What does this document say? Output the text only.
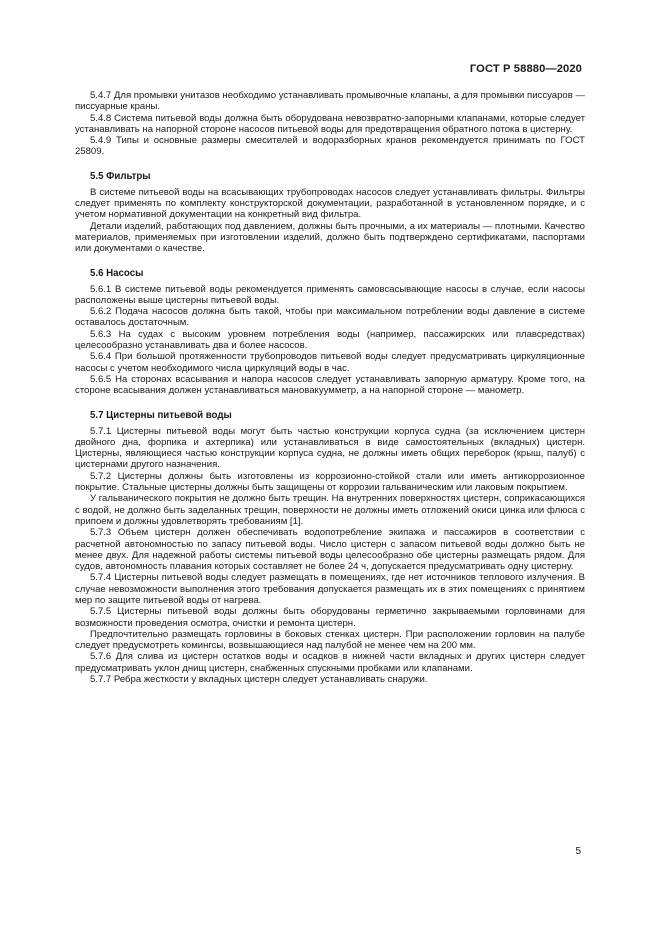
ГОСТ Р 58880—2020

5.4.7 Для промывки унитазов необходимо устанавливать промывочные клапаны, а для промывки писсуаров — писсуарные краны.

5.4.8 Система питьевой воды должна быть оборудована невозвратно-запорными клапанами, которые следует устанавливать на напорной стороне насосов питьевой воды для предотвращения обратного потока в цистерну.

5.4.9 Типы и основные размеры смесителей и водоразборных кранов рекомендуется принимать по ГОСТ 25809.

5.5 Фильтры

В системе питьевой воды на всасывающих трубопроводах насосов следует устанавливать фильтры. Фильтры следует применять по комплекту конструкторской документации, разработанной в установленном порядке, и с учетом нормативной документации на конкретный вид фильтра.

Детали изделий, работающих под давлением, должны быть прочными, а их материалы — плотными. Качество материалов, применяемых при изготовлении изделий, должно быть подтверждено сертификатами, паспортами или документами о качестве.

5.6 Насосы

5.6.1 В системе питьевой воды рекомендуется применять самовсасывающие насосы в случае, если насосы расположены выше цистерны питьевой воды.

5.6.2 Подача насосов должна быть такой, чтобы при максимальном потреблении воды давление в системе оставалось достаточным.

5.6.3 На судах с высоким уровнем потребления воды (например, пассажирских или плавсредствах) целесообразно устанавливать два и более насосов.

5.6.4 При большой протяженности трубопроводов питьевой воды следует предусматривать циркуляционные насосы с учетом необходимого числа циркуляций воды в час.

5.6.5 На сторонах всасывания и напора насосов следует устанавливать запорную арматуру. Кроме того, на стороне всасывания должен устанавливаться мановакуумметр, а на напорной стороне — манометр.

5.7 Цистерны питьевой воды

5.7.1 Цистерны питьевой воды могут быть частью конструкции корпуса судна (за исключением цистерн двойного дна, форпика и ахтерпика) или устанавливаться в виде самостоятельных (вкладных) цистерн. Цистерны, являющиеся частью конструкции корпуса судна, не должны иметь общих переборок (крыш, палуб) с цистернами другого назначения.

5.7.2 Цистерны должны быть изготовлены из коррозионно-стойкой стали или иметь антикоррозионное покрытие. Стальные цистерны должны быть защищены от коррозии гальваническим или лаковым покрытием.

У гальванического покрытия не должно быть трещин. На внутренних поверхностях цистерн, соприкасающихся с водой, не должно быть заделанных трещин, поверхности не должны иметь отложений окиси цинка или флюса с припоем и должны удовлетворять требованиям [1].

5.7.3 Объем цистерн должен обеспечивать водопотребление экипажа и пассажиров в соответствии с расчетной автономностью по запасу питьевой воды. Число цистерн с запасом питьевой воды должно быть не менее двух. Для надежной работы системы питьевой воды целесообразно обе цистерны размещать рядом. Для судов, автономность плавания которых составляет не более 24 ч, допускается предусматривать одну цистерну.

5.7.4 Цистерны питьевой воды следует размещать в помещениях, где нет источников теплового излучения. В случае невозможности выполнения этого требования допускается размещать их в этих помещениях с принятием мер по защите питьевой воды от нагрева.

5.7.5 Цистерны питьевой воды должны быть оборудованы герметично закрываемыми горловинами для возможности проведения осмотра, очистки и ремонта цистерн.

Предпочтительно размещать горловины в боковых стенках цистерн. При расположении горловин на палубе следует предусмотреть комингсы, возвышающиеся над палубой не менее чем на 200 мм.

5.7.6 Для слива из цистерн остатков воды и осадков в нижней части вкладных и других цистерн следует предусматривать уклон днищ цистерн, снабженных спускными пробками или клапанами.

5.7.7 Ребра жесткости у вкладных цистерн следует устанавливать снаружи.

5
